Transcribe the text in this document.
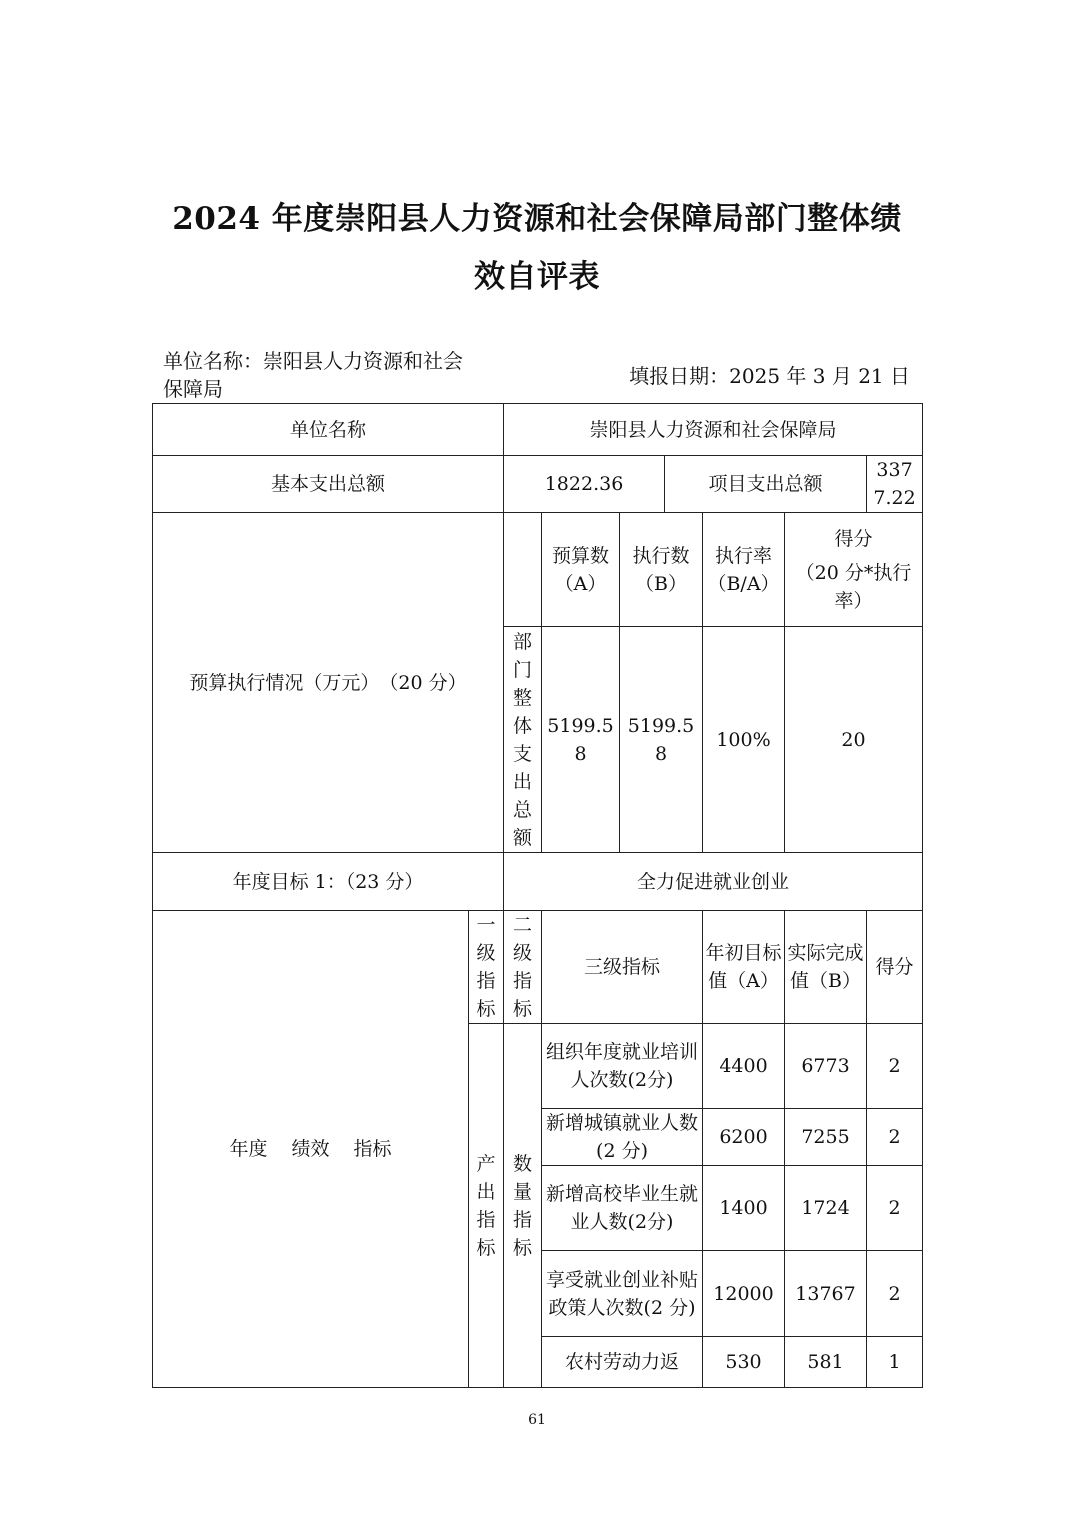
2024 年度崇阳县人力资源和社会保障局部门整体绩
效自评表
单位名称：崇阳县人力资源和社会保障局
填报日期：2025 年 3 月 21 日
单位名称		崇阳县人力资源和社会保障局						
基本支出总额		1822.36			项目支出总额			3377.22
预算执行情况（万元）　（20 分）			预算数（A）	执行数（B）		执行率（B/A）	得分
（20 分*执行率）	

		部门整体支出总额	5199.58	5199.58		100%	20	
年度目标 1：（23 分）		全力促进就业创业						
年度 绩效 指标	一级指标	二级指标	三级指标			年初目标值（A）	实际完成值（B）	得分
	产出指标	数量指标	组织年度就业培训人次数(2分)			4400	6773	2
			新增城镇就业人数(2 分)			6200	7255	2
			新增高校毕业生就业人数(2分)			1400	1724	2
			享受就业创业补贴政策人次数(2 分)			12000	13767	2
			农村劳动力返			530	581	1
61
